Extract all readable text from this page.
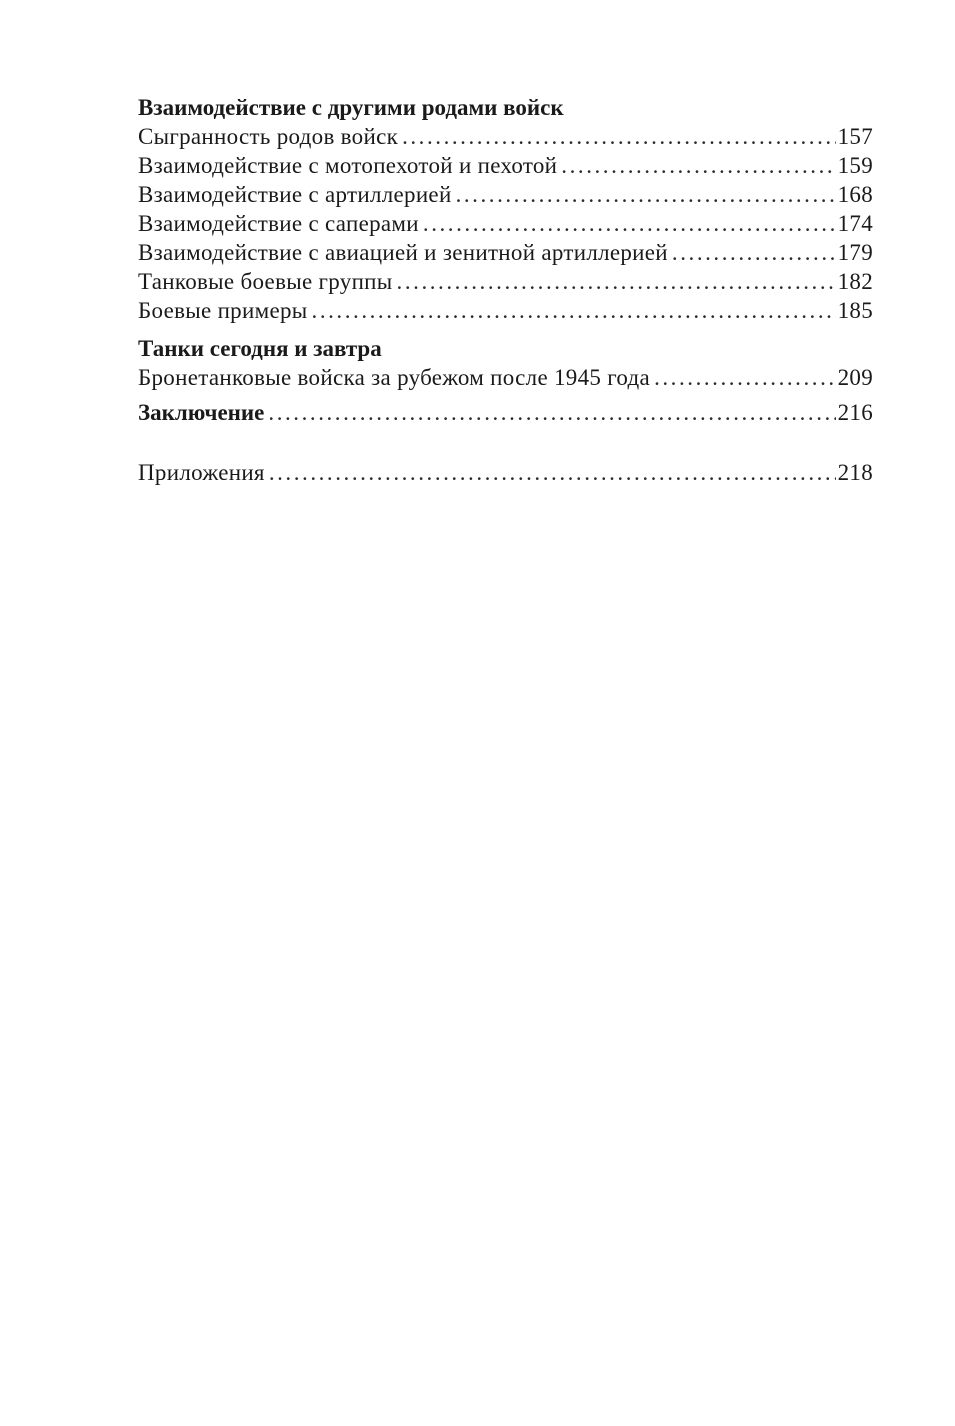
Взаимодействие с другими родами войск
Сыгранность родов войск . . .	157
Взаимодействие с мотопехотой и пехотой . . .	159
Взаимодействие с артиллерией . . .	168
Взаимодействие с саперами . . .	174
Взаимодействие с авиацией и зенитной артиллерией . . .	179
Танковые боевые группы . . .	182
Боевые примеры . . .	185
Танки сегодня и завтра
Бронетанковые войска за рубежом после 1945 года . . .	209
Заключение . . .	216
Приложения . . .	218
